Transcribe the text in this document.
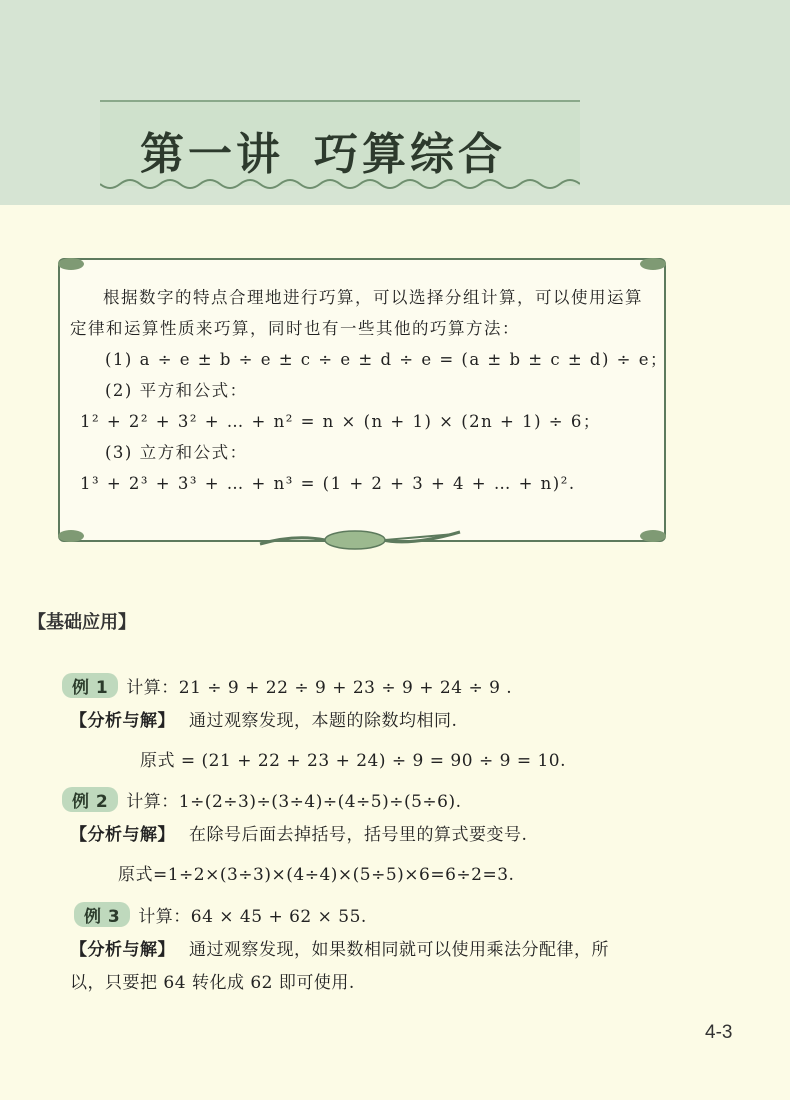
第一讲 巧算综合

根据数字的特点合理地进行巧算，可以选择分组计算，可以使用运算定律和运算性质来巧算，同时也有一些其他的巧算方法：

(1) a ÷ e ± b ÷ e ± c ÷ e ± d ÷ e = (a ± b ± c ± d) ÷ e；

(2) 平方和公式：

1² + 2² + 3² + … + n² = n × (n + 1) × (2n + 1) ÷ 6；

(3) 立方和公式：

1³ + 2³ + 3³ + … + n³ = (1 + 2 + 3 + 4 + … + n)².

【基础应用】
例 1 计算：21 ÷ 9 + 22 ÷ 9 + 23 ÷ 9 + 24 ÷ 9 .
【分析与解】 通过观察发现，本题的除数均相同.
原式 = (21 + 22 + 23 + 24) ÷ 9 = 90 ÷ 9 = 10.
例 2 计算：1÷(2÷3)÷(3÷4)÷(4÷5)÷(5÷6).
【分析与解】 在除号后面去掉括号，括号里的算式要变号.
原式=1÷2×(3÷3)×(4÷4)×(5÷5)×6=6÷2=3.
例 3 计算：64 × 45 + 62 × 55.
【分析与解】 通过观察发现，如果数相同就可以使用乘法分配律，所
以，只要把 64 转化成 62 即可使用.
4-3
